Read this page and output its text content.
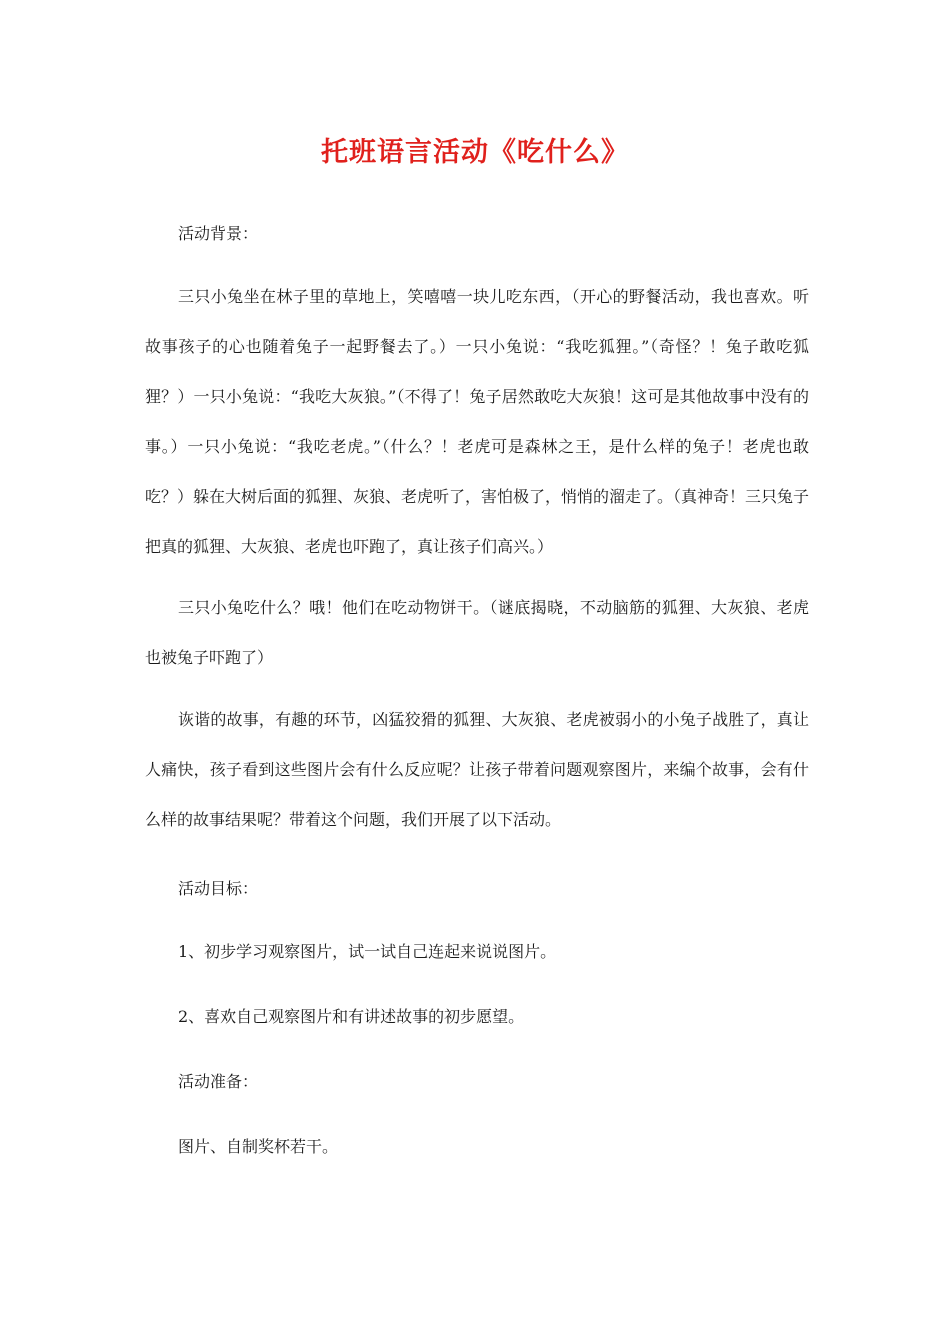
托班语言活动《吃什么》

活动背景：

三只小兔坐在林子里的草地上，笑嘻嘻一块儿吃东西，（开心的野餐活动，我也喜欢。听故事孩子的心也随着兔子一起野餐去了。）一只小兔说：“我吃狐狸。”（奇怪？！兔子敢吃狐狸？）一只小兔说：“我吃大灰狼。”（不得了！兔子居然敢吃大灰狼！这可是其他故事中没有的事。）一只小兔说：“我吃老虎。”（什么？！老虎可是森林之王，是什么样的兔子！老虎也敢吃？）躲在大树后面的狐狸、灰狼、老虎听了，害怕极了，悄悄的溜走了。（真神奇！三只兔子把真的狐狸、大灰狼、老虎也吓跑了，真让孩子们高兴。）

三只小兔吃什么？哦！他们在吃动物饼干。（谜底揭晓，不动脑筋的狐狸、大灰狼、老虎也被兔子吓跑了）

诙谐的故事，有趣的环节，凶猛狡猾的狐狸、大灰狼、老虎被弱小的小兔子战胜了，真让人痛快，孩子看到这些图片会有什么反应呢？让孩子带着问题观察图片，来编个故事，会有什么样的故事结果呢？带着这个问题，我们开展了以下活动。

活动目标：

1、初步学习观察图片，试一试自己连起来说说图片。

2、喜欢自己观察图片和有讲述故事的初步愿望。

活动准备：

图片、自制奖杯若干。
